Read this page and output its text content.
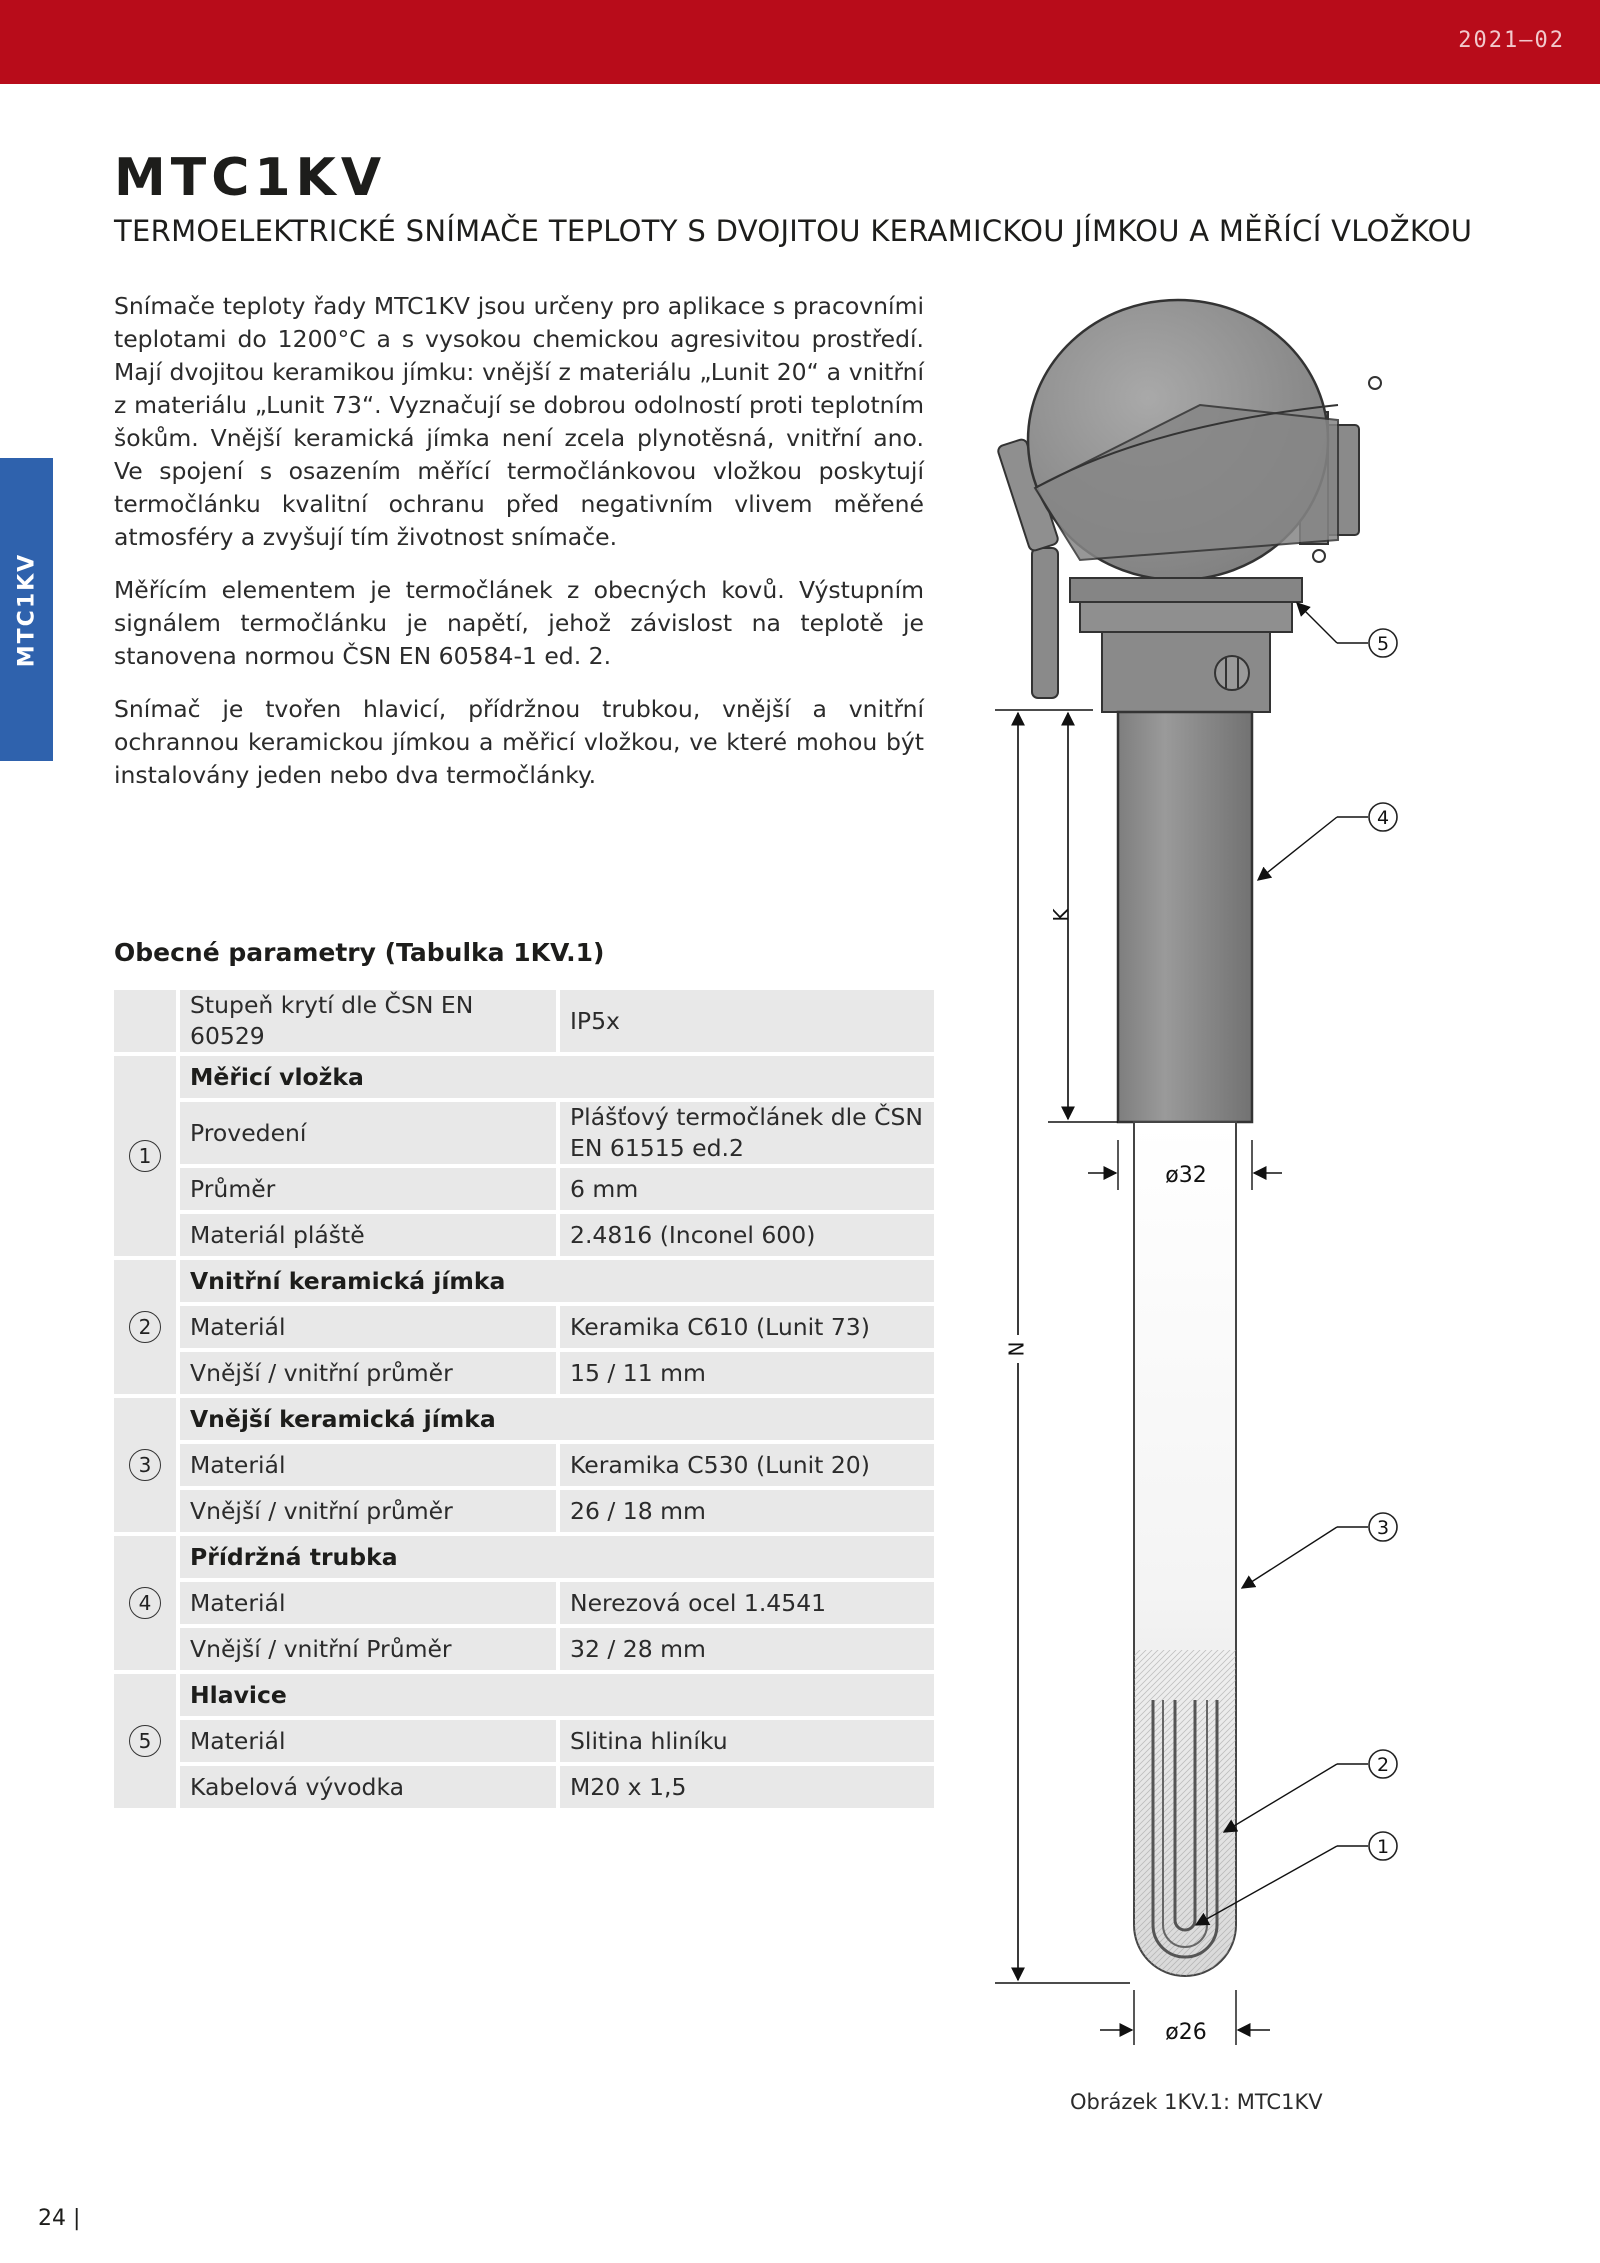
2021–02
MTC1KV
MTC1KV
TERMOELEKTRICKÉ SNÍMAČE TEPLOTY S DVOJITOU KERAMICKOU JÍMKOU A MĚŘÍCÍ VLOŽKOU

Snímače teploty řady MTC1KV jsou určeny pro aplikace s pracovními teplotami do 1200°C a s vysokou chemickou agresivitou prostředí. Mají dvojitou keramikou jímku: vnější z materiálu „Lunit 20“ a vnitřní z materiálu „Lunit 73“. Vyznačují se dobrou odolností proti teplotním šokům. Vnější keramická jímka není zcela plynotěsná, vnitřní ano. Ve spojení s osazením měřící termočlánkovou vložkou poskytují termočlánku kvalitní ochranu před negativním vlivem měřené atmosféry a zvyšují tím životnost snímače.

Měřícím elementem je termočlánek z obecných kovů. Výstupním signálem termočlánku je napětí, jehož závislost na teplotě je stanovena normou ČSN EN 60584-1 ed. 2.

Snímač je tvořen hlavicí, přídržnou trubkou, vnější a vnitřní ochrannou keramickou jímkou a měřicí vložkou, ve které mohou být instalovány jeden nebo dva termočlánky.

Obecné parametry (Tabulka 1KV.1)
	Stupeň krytí dle ČSN EN 60529	IP5x
1	Měřicí vložka	
	Provedení	Plášťový termočlánek dle ČSN EN 61515 ed.2
	Průměr	6 mm
	Materiál pláště	2.4816 (Inconel 600)
2	Vnitřní keramická jímka	
	Materiál	Keramika C610 (Lunit 73)
	Vnější / vnitřní průměr	15 / 11 mm
3	Vnější keramická jímka	
	Materiál	Keramika C530 (Lunit 20)
	Vnější / vnitřní průměr	26 / 18 mm
4	Přídržná trubka	
	Materiál	Nerezová ocel 1.4541
	Vnější / vnitřní Průměr	32 / 28 mm
5	Hlavice	
	Materiál	Slitina hliníku
	Kabelová vývodka	M20 x 1,5
K
N
ø32
ø26
5
4
3
2
1
Obrázek 1KV.1: MTC1KV
24 |
